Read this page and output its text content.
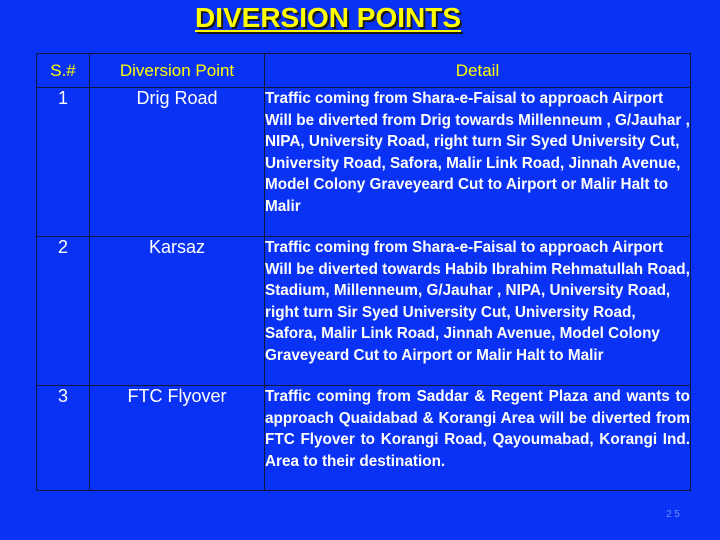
DIVERSION POINTS
S.#	Diversion Point	Detail
1	Drig Road	Traffic coming from Shara-e-Faisal to approach Airport Will be diverted from Drig towards Millenneum , G/Jauhar , NIPA, University Road, right turn Sir Syed University Cut, University Road, Safora, Malir Link Road, Jinnah Avenue, Model Colony Graveyeard Cut to Airport or Malir Halt to Malir
2	Karsaz	Traffic coming from Shara-e-Faisal to approach Airport Will be diverted towards Habib Ibrahim Rehmatullah Road, Stadium, Millenneum, G/Jauhar , NIPA, University Road, right turn Sir Syed University Cut, University Road, Safora, Malir Link Road, Jinnah Avenue, Model Colony Graveyeard Cut to Airport or Malir Halt to Malir
3	FTC Flyover	Traffic coming from Saddar & Regent Plaza and wants to approach Quaidabad & Korangi Area will be diverted from FTC Flyover to Korangi Road, Qayoumabad, Korangi Ind. Area to their destination.
2 5
